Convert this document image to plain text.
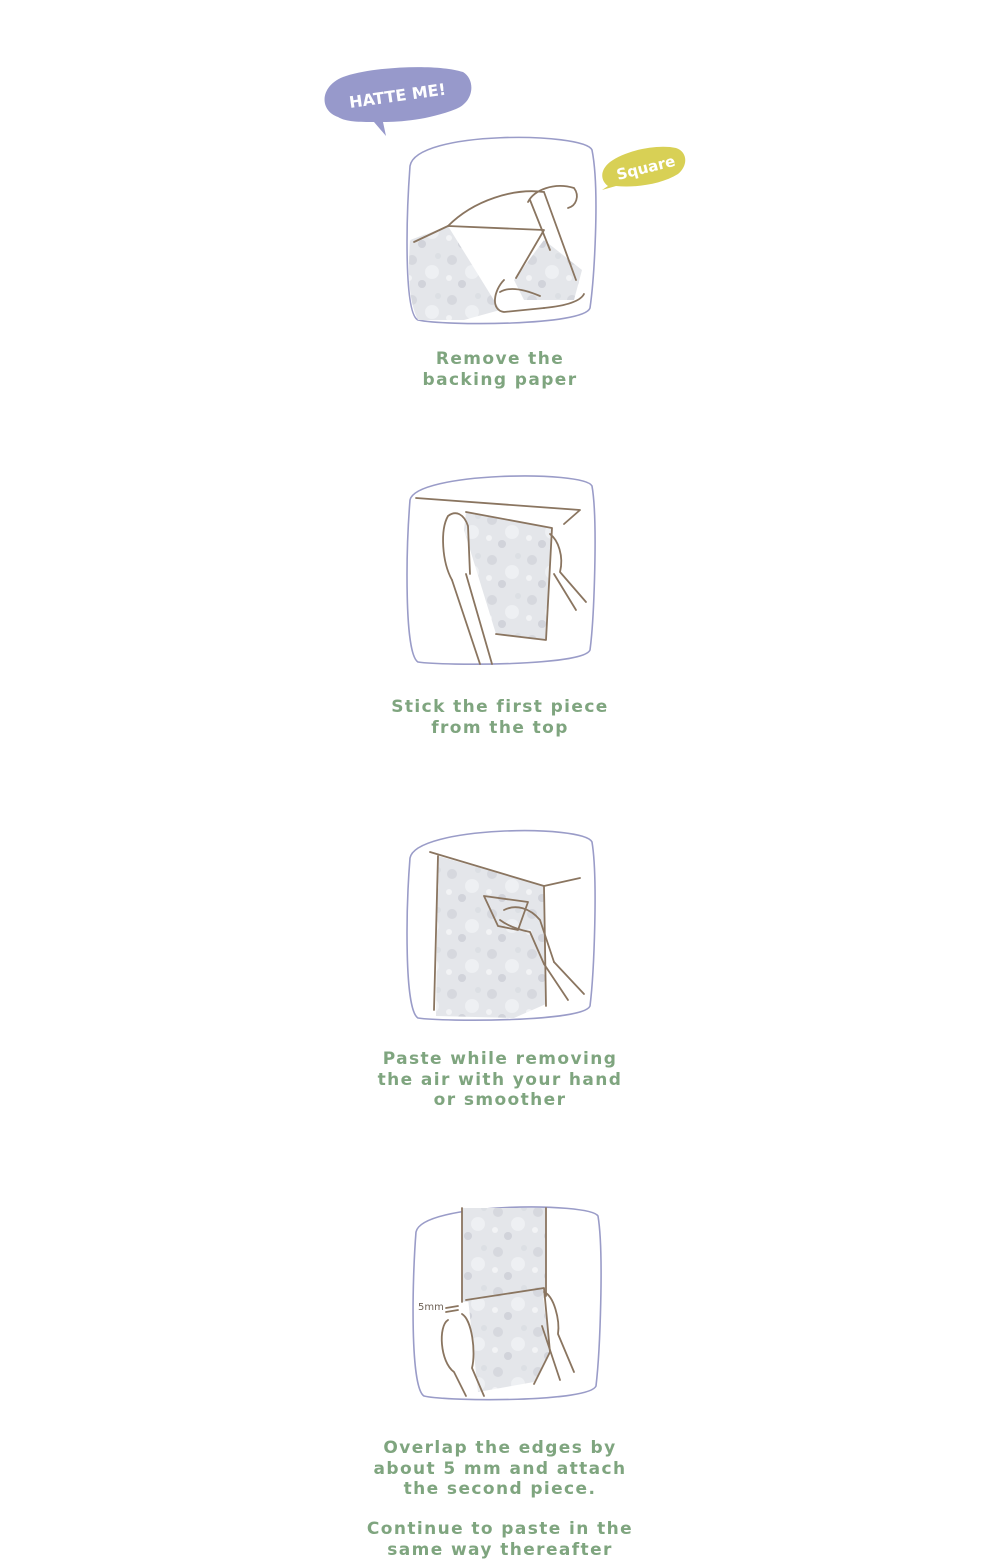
HATTE ME!
Square
Remove the
backing paper
Stick the first piece
from the top
Paste while removing
the air with your hand
or smoother
5mm
Overlap the edges by
about 5 mm and attach
the second piece.
Continue to paste in the
same way thereafter
